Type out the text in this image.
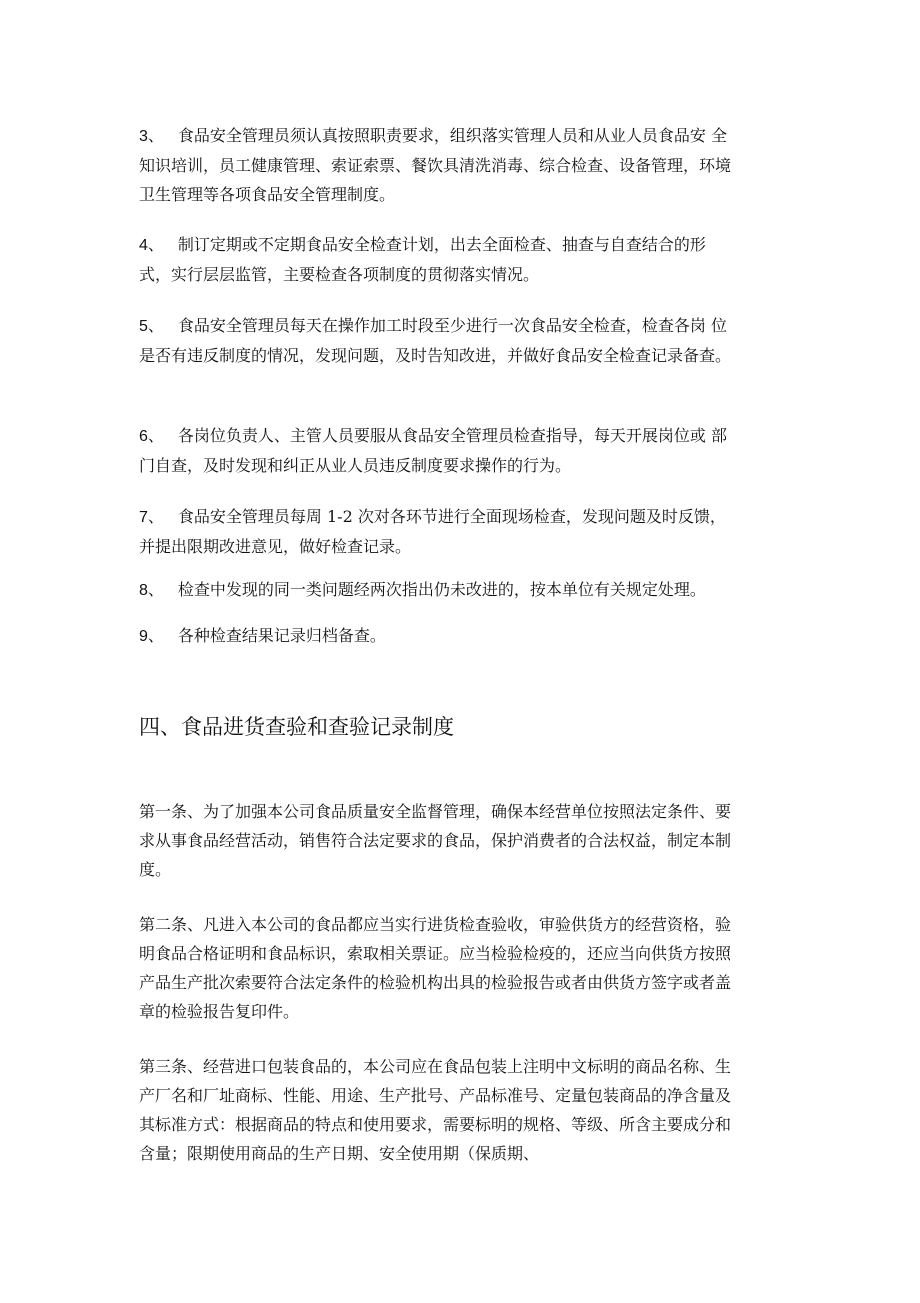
3、 食品安全管理员须认真按照职责要求，组织落实管理人员和从业人员食品安 全 知识培训，员工健康管理、索证索票、餐饮具清洗消毒、综合检查、设备管理，环境卫生管理等各项食品安全管理制度。
4、 制订定期或不定期食品安全检查计划，出去全面检查、抽查与自查结合的形 式，实行层层监管，主要检查各项制度的贯彻落实情况。
5、 食品安全管理员每天在操作加工时段至少进行一次食品安全检查，检查各岗 位是否有违反制度的情况，发现问题，及时告知改进，并做好食品安全检查记录备查。
6、 各岗位负责人、主管人员要服从食品安全管理员检查指导，每天开展岗位或 部门自查，及时发现和纠正从业人员违反制度要求操作的行为。
7、 食品安全管理员每周 1-2 次对各环节进行全面现场检查，发现问题及时反馈， 并提出限期改进意见，做好检查记录。
8、 检查中发现的同一类问题经两次指出仍未改进的，按本单位有关规定处理。
9、 各种检查结果记录归档备查。
四、食品进货查验和查验记录制度
第一条、为了加强本公司食品质量安全监督管理，确保本经营单位按照法定条件、要求从事食品经营活动，销售符合法定要求的食品，保护消费者的合法权益，制定本制度。
第二条、凡进入本公司的食品都应当实行进货检查验收，审验供货方的经营资格，验明食品合格证明和食品标识，索取相关票证。应当检验检疫的，还应当向供货方按照产品生产批次索要符合法定条件的检验机构出具的检验报告或者由供货方签字或者盖章的检验报告复印件。
第三条、经营进口包装食品的，本公司应在食品包装上注明中文标明的商品名称、生产厂名和厂址商标、性能、用途、生产批号、产品标准号、定量包装商品的净含量及其标准方式：根据商品的特点和使用要求，需要标明的规格、等级、所含主要成分和含量；限期使用商品的生产日期、安全使用期（保质期、
